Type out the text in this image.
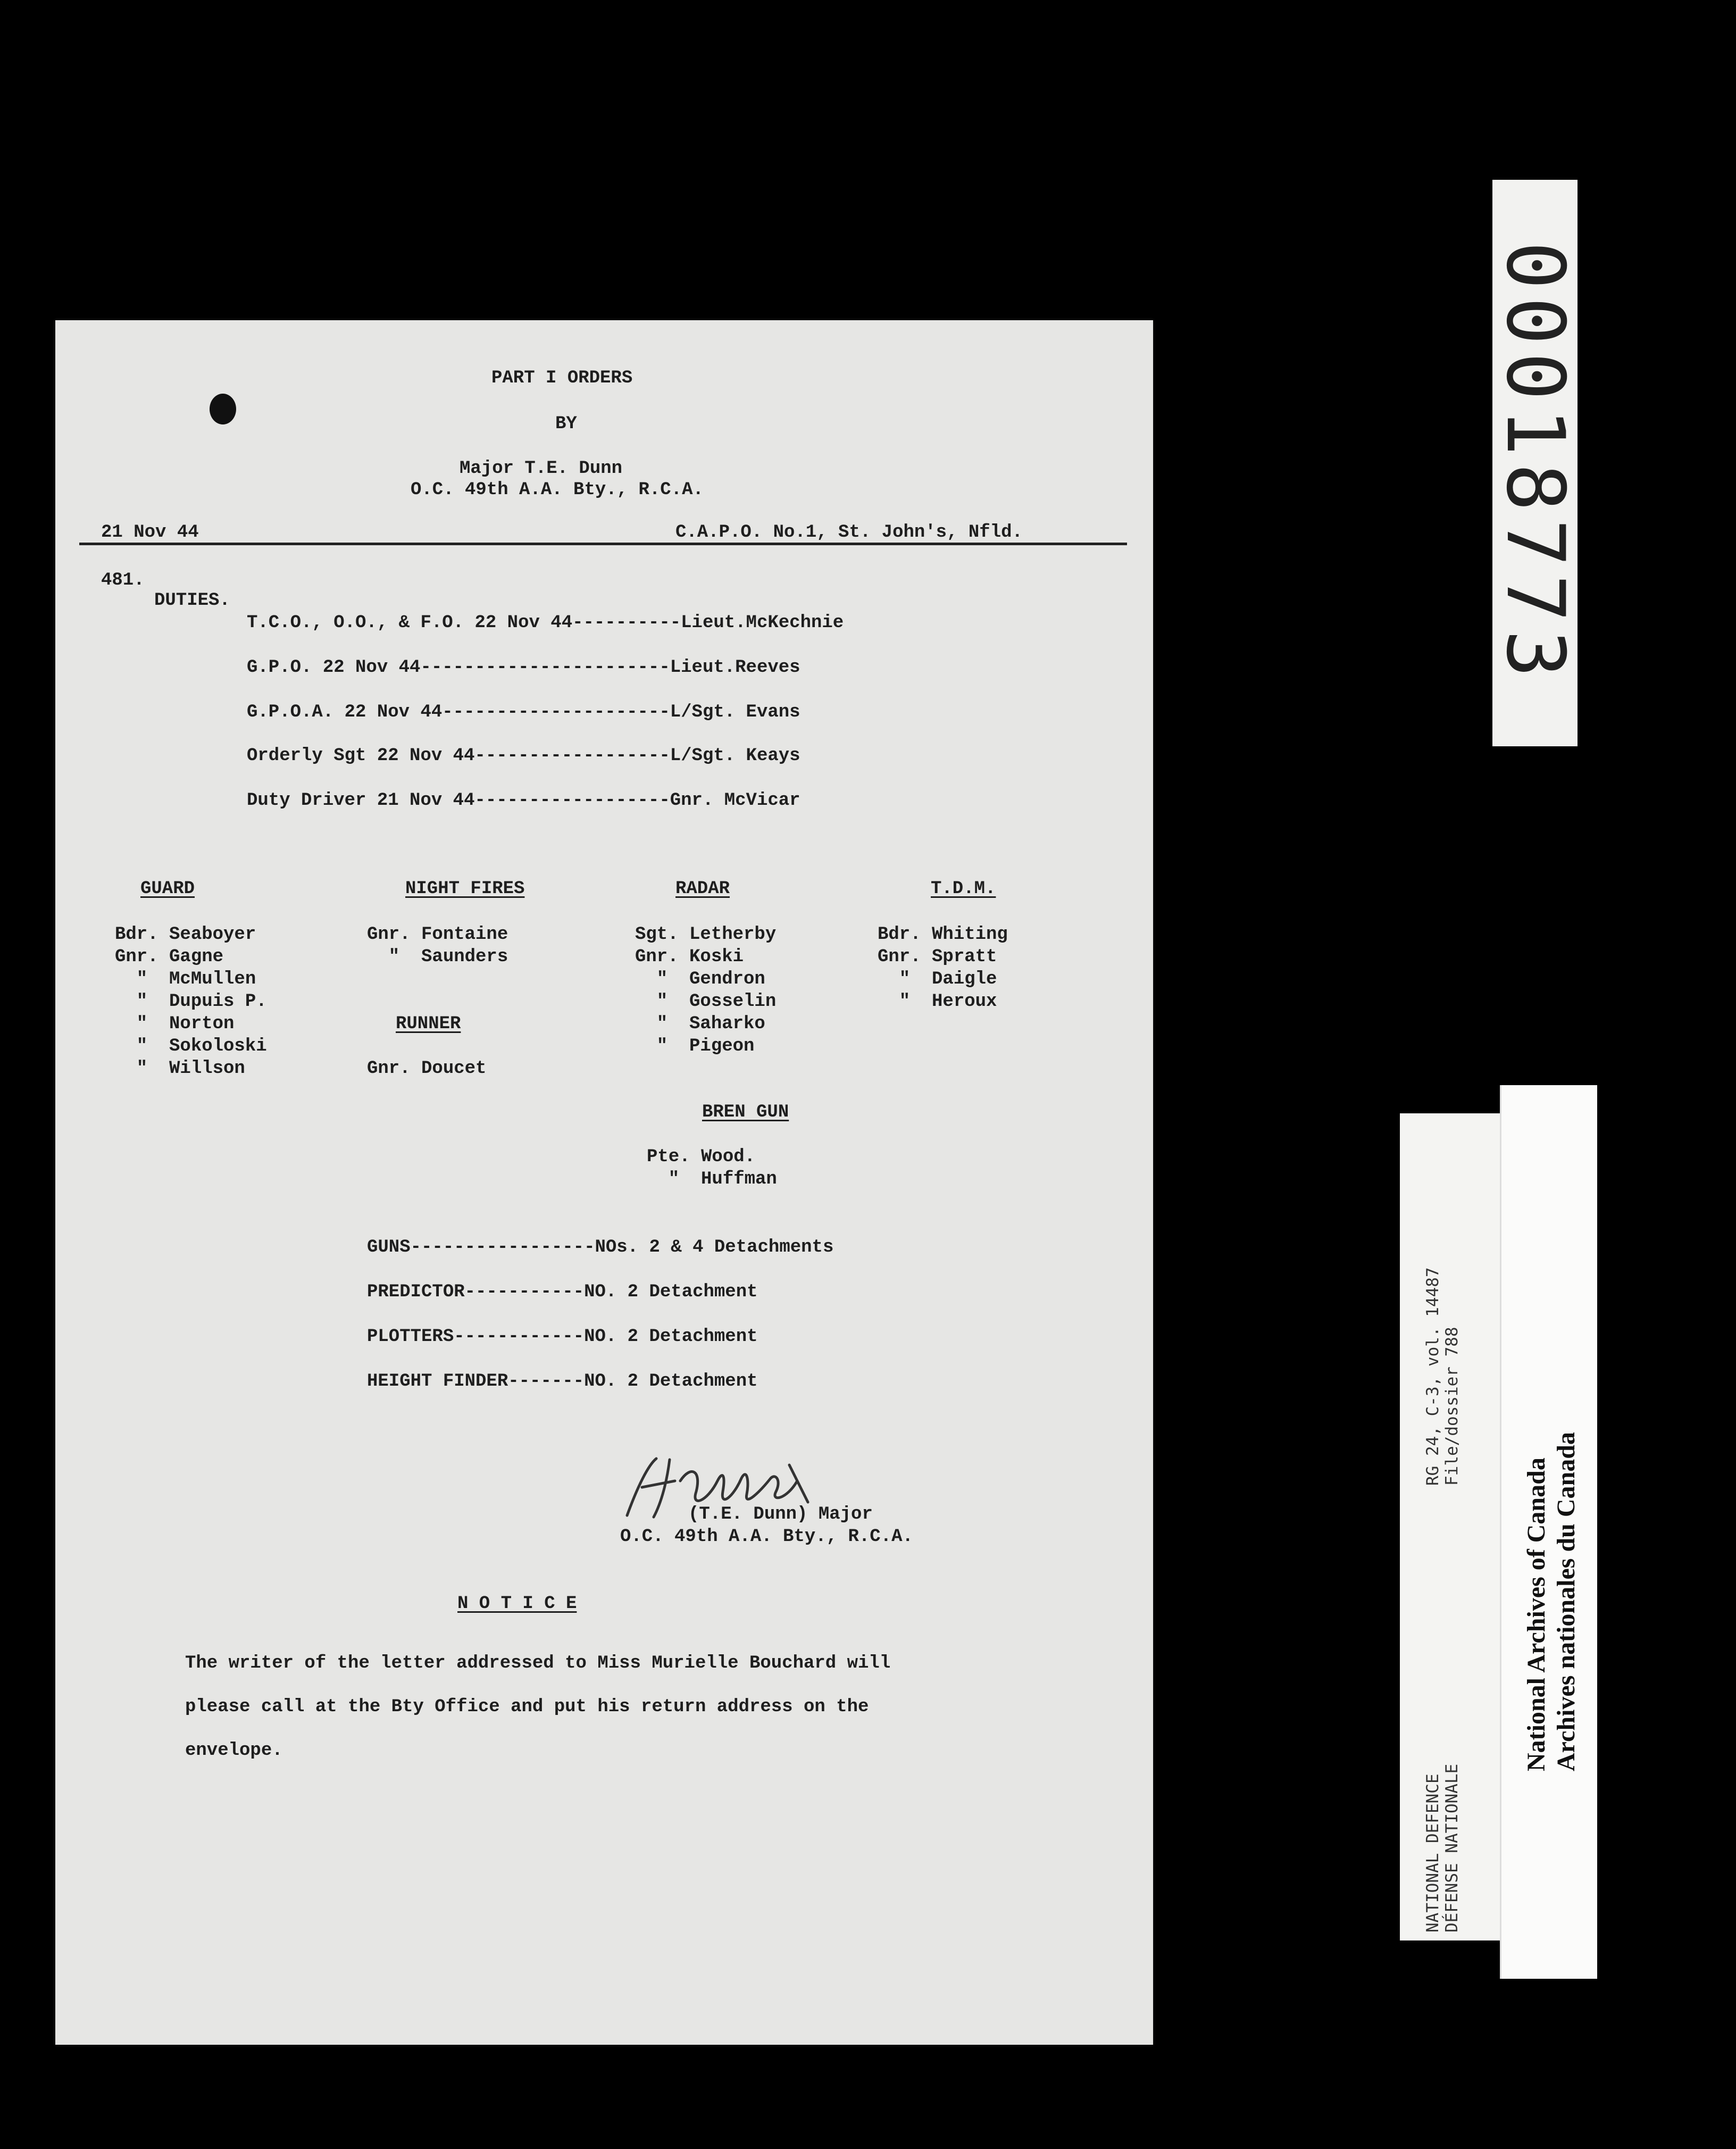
PART I ORDERS
BY
Major T.E. Dunn
O.C. 49th A.A. Bty., R.C.A.
21 Nov 44	C.A.P.O. No.1, St. John's, Nfld.
481.
DUTIES.
T.C.O., O.O., & F.O. 22 Nov 44----------Lieut.McKechnie
G.P.O. 22 Nov 44-----------------------Lieut.Reeves
G.P.O.A. 22 Nov 44---------------------L/Sgt. Evans
Orderly Sgt 22 Nov 44------------------L/Sgt. Keays
Duty Driver 21 Nov 44------------------Gnr. McVicar
GUARD
Bdr. Seaboyer
Gnr. Gagne
"  McMullen
"  Dupuis P.
"  Norton
"  Sokoloski
"  Willson
NIGHT FIRES
Gnr. Fontaine
"  Saunders
RUNNER
Gnr. Doucet
RADAR
Sgt. Letherby
Gnr. Koski
"  Gendron
"  Gosselin
"  Saharko
"  Pigeon
T.D.M.
Bdr. Whiting
Gnr. Spratt
"  Daigle
"  Heroux
BREN GUN
Pte. Wood.
"  Huffman
GUNS-----------------NOs. 2 & 4 Detachments
PREDICTOR-----------NO. 2 Detachment
PLOTTERS------------NO. 2 Detachment
HEIGHT FINDER-------NO. 2 Detachment
(T.E. Dunn) Major
O.C. 49th A.A. Bty., R.C.A.
N O T I C E
The writer of the letter addressed to Miss Murielle Bouchard will
please call at the Bty Office and put his return address on the
envelope.
00018773
RG 24, C-3, vol. 14487 File/dossier 788
NATIONAL DEFENCE DÉFENSE NATIONALE
National Archives of Canada Archives nationales du Canada
